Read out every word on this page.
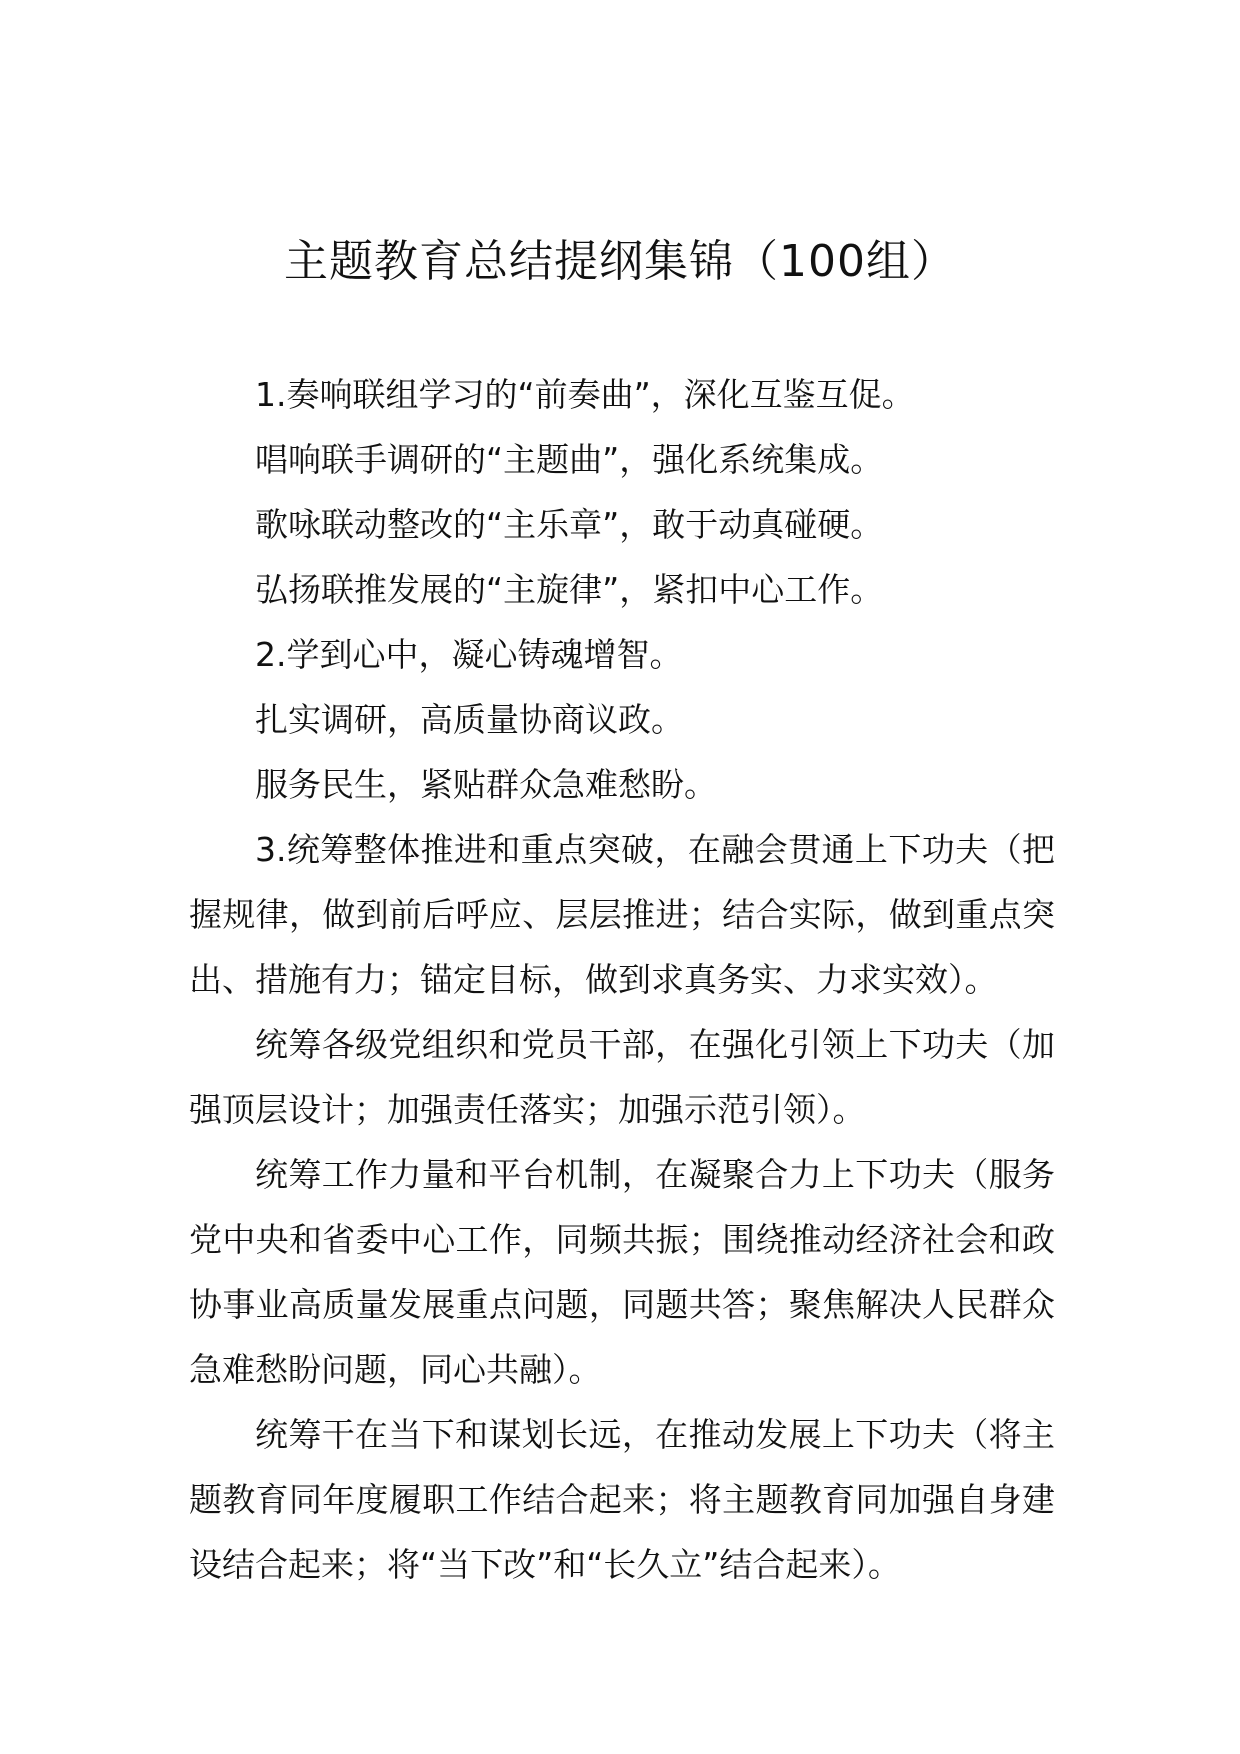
主题教育总结提纲集锦（100组）

1.奏响联组学习的“前奏曲”，深化互鉴互促。

唱响联手调研的“主题曲”，强化系统集成。

歌咏联动整改的“主乐章”，敢于动真碰硬。

弘扬联推发展的“主旋律”，紧扣中心工作。

2.学到心中，凝心铸魂增智。

扎实调研，高质量协商议政。

服务民生，紧贴群众急难愁盼。

3.统筹整体推进和重点突破，在融会贯通上下功夫（把握规律，做到前后呼应、层层推进；结合实际，做到重点突出、措施有力；锚定目标，做到求真务实、力求实效）。

统筹各级党组织和党员干部，在强化引领上下功夫（加强顶层设计；加强责任落实；加强示范引领）。

统筹工作力量和平台机制，在凝聚合力上下功夫（服务党中央和省委中心工作，同频共振；围绕推动经济社会和政协事业高质量发展重点问题，同题共答；聚焦解决人民群众急难愁盼问题，同心共融）。

统筹干在当下和谋划长远，在推动发展上下功夫（将主题教育同年度履职工作结合起来；将主题教育同加强自身建设结合起来；将“当下改”和“长久立”结合起来）。
